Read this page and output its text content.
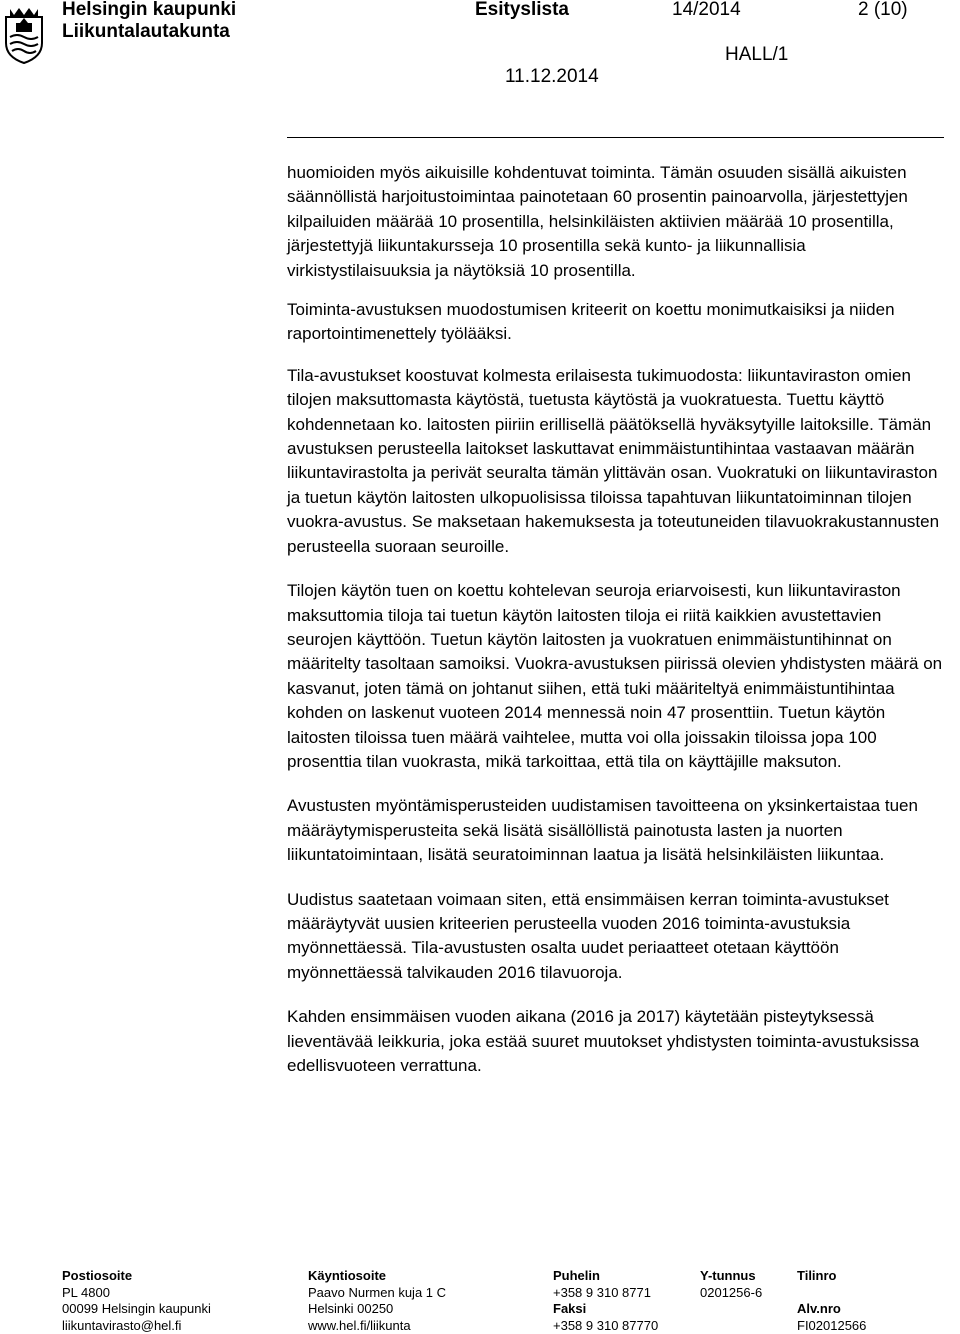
Helsingin kaupunki
Liikuntalautakunta
Esityslista	14/2014	2 (10)
HALL/1
11.12.2014

huomioiden myös aikuisille kohdentuvat toiminta. Tämän osuuden sisällä aikuisten säännöllistä harjoitustoimintaa painotetaan 60 prosentin painoarvolla, järjestettyjen kilpailuiden määrää 10 prosentilla, helsinkiläisten aktiivien määrää 10 prosentilla, järjestettyjä liikuntakursseja 10 prosentilla sekä kunto- ja liikunnallisia virkistystilaisuuksia ja näytöksiä 10 prosentilla.

Toiminta-avustuksen muodostumisen kriteerit on koettu monimutkaisiksi ja niiden raportointimenettely työlääksi.

Tila-avustukset koostuvat kolmesta erilaisesta tukimuodosta: liikuntaviraston omien tilojen maksuttomasta käytöstä, tuetusta käytöstä ja vuokratuesta. Tuettu käyttö kohdennetaan ko. laitosten piiriin erillisellä päätöksellä hyväksytyille laitoksille. Tämän avustuksen perusteella laitokset laskuttavat enimmäistuntihintaa vastaavan määrän liikuntavirastolta ja perivät seuralta tämän ylittävän osan. Vuokratuki on liikuntaviraston ja tuetun käytön laitosten ulkopuolisissa tiloissa tapahtuvan liikuntatoiminnan tilojen vuokra-avustus. Se maksetaan hakemuksesta ja toteutuneiden tilavuokrakustannusten perusteella suoraan seuroille.

Tilojen käytön tuen on koettu kohtelevan seuroja eriarvoisesti, kun liikuntaviraston maksuttomia tiloja tai tuetun käytön laitosten tiloja ei riitä kaikkien avustettavien seurojen käyttöön. Tuetun käytön laitosten ja vuokratuen enimmäistuntihinnat on määritelty tasoltaan samoiksi. Vuokra-avustuksen piirissä olevien yhdistysten määrä on kasvanut, joten tämä on johtanut siihen, että tuki määriteltyä enimmäistuntihintaa kohden on laskenut vuoteen 2014 mennessä noin 47 prosenttiin. Tuetun käytön laitosten tiloissa tuen määrä vaihtelee, mutta voi olla joissakin tiloissa jopa 100 prosenttia tilan vuokrasta, mikä tarkoittaa, että tila on käyttäjille maksuton.

Avustusten myöntämisperusteiden uudistamisen tavoitteena on yksinkertaistaa tuen määräytymisperusteita sekä lisätä sisällöllistä painotusta lasten ja nuorten liikuntatoimintaan, lisätä seuratoiminnan laatua ja lisätä helsinkiläisten liikuntaa.

Uudistus saatetaan voimaan siten, että ensimmäisen kerran toiminta-avustukset määräytyvät uusien kriteerien perusteella vuoden 2016 toiminta-avustuksia myönnettäessä. Tila-avustusten osalta uudet periaatteet otetaan käyttöön myönnettäessä talvikauden 2016 tilavuoroja.

Kahden ensimmäisen vuoden aikana (2016 ja 2017) käytetään pisteytyksessä lieventävää leikkuria, joka estää suuret muutokset yhdistysten toiminta-avustuksissa edellisvuoteen verrattuna.

Postiosoite
PL 4800
00099 Helsingin kaupunki
liikuntavirasto@hel.fi
Käyntiosoite
Paavo Nurmen kuja 1 C
Helsinki 00250
www.hel.fi/liikunta
Puhelin
+358 9 310 8771
Faksi
+358 9 310 87770
Y-tunnus
0201256-6
Tilinro
Alv.nro
FI02012566
